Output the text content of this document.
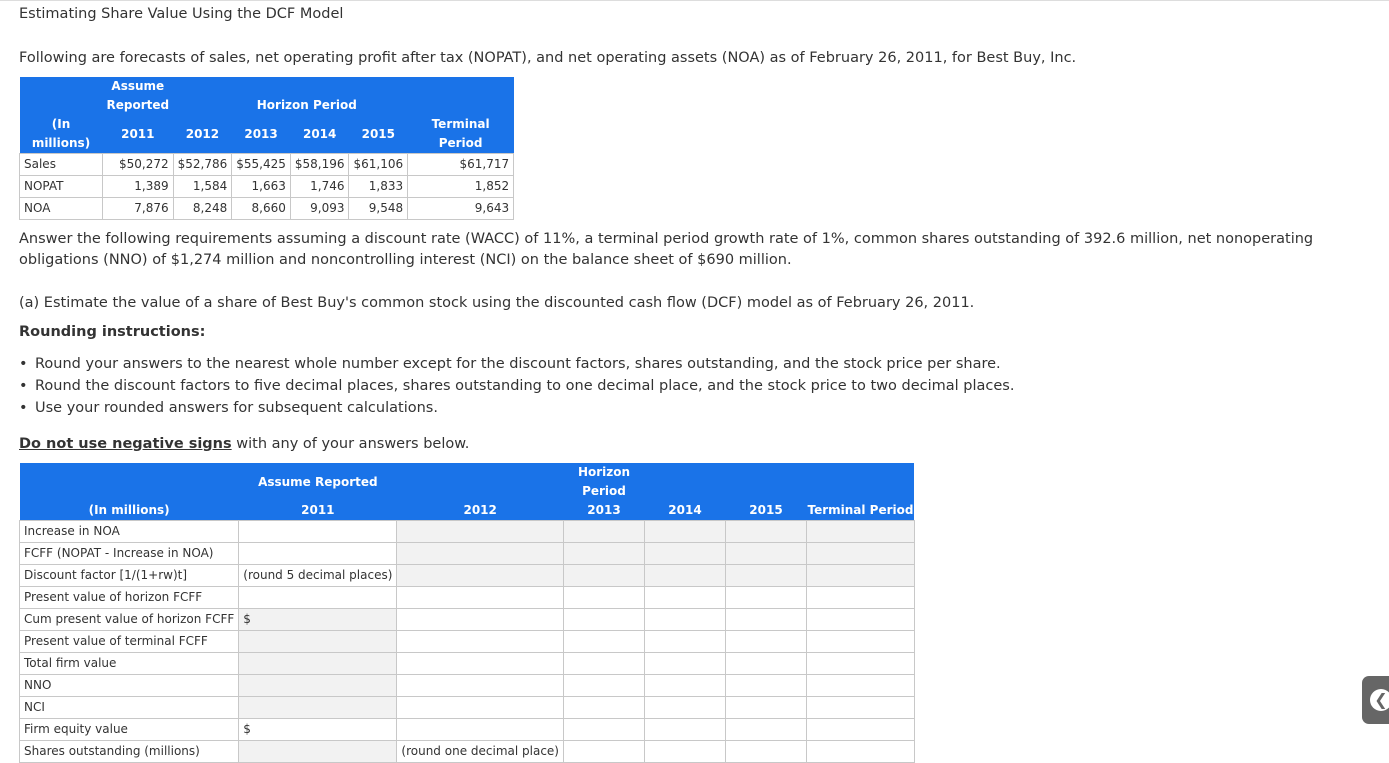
Estimating Share Value Using the DCF Model
Following are forecasts of sales, net operating profit after tax (NOPAT), and net operating assets (NOA) as of February 26, 2011, for Best Buy, Inc.
	Assume					
	Reported		Horizon Period			
(In millions)	2011	2012	2013	2014	2015	Terminal Period
Sales	$50,272	$52,786	$55,425	$58,196	$61,106	$61,717
NOPAT	1,389	1,584	1,663	1,746	1,833	1,852
NOA	7,876	8,248	8,660	9,093	9,548	9,643
Answer the following requirements assuming a discount rate (WACC) of 11%, a terminal period growth rate of 1%, common shares outstanding of 392.6 million, net nonoperating obligations (NNO) of $1,274 million and noncontrolling interest (NCI) on the balance sheet of $690 million.
(a) Estimate the value of a share of Best Buy's common stock using the discounted cash flow (DCF) model as of February 26, 2011.
Rounding instructions:
• Round your answers to the nearest whole number except for the discount factors, shares outstanding, and the stock price per share.
• Round the discount factors to five decimal places, shares outstanding to one decimal place, and the stock price to two decimal places.
• Use your rounded answers for subsequent calculations.
Do not use negative signs with any of your answers below.
	Assume Reported		Horizon Period			
(In millions)	2011	2012	2013	2014	2015	Terminal Period
Increase in NOA						
FCFF (NOPAT - Increase in NOA)						
Discount factor [1/(1+rw)t]	(round 5 decimal places)					
Present value of horizon FCFF						
Cum present value of horizon FCFF	$					
Present value of terminal FCFF						
Total firm value						
NNO						
NCI						
Firm equity value	$					
Shares outstanding (millions)		(round one decimal place)				
❮
